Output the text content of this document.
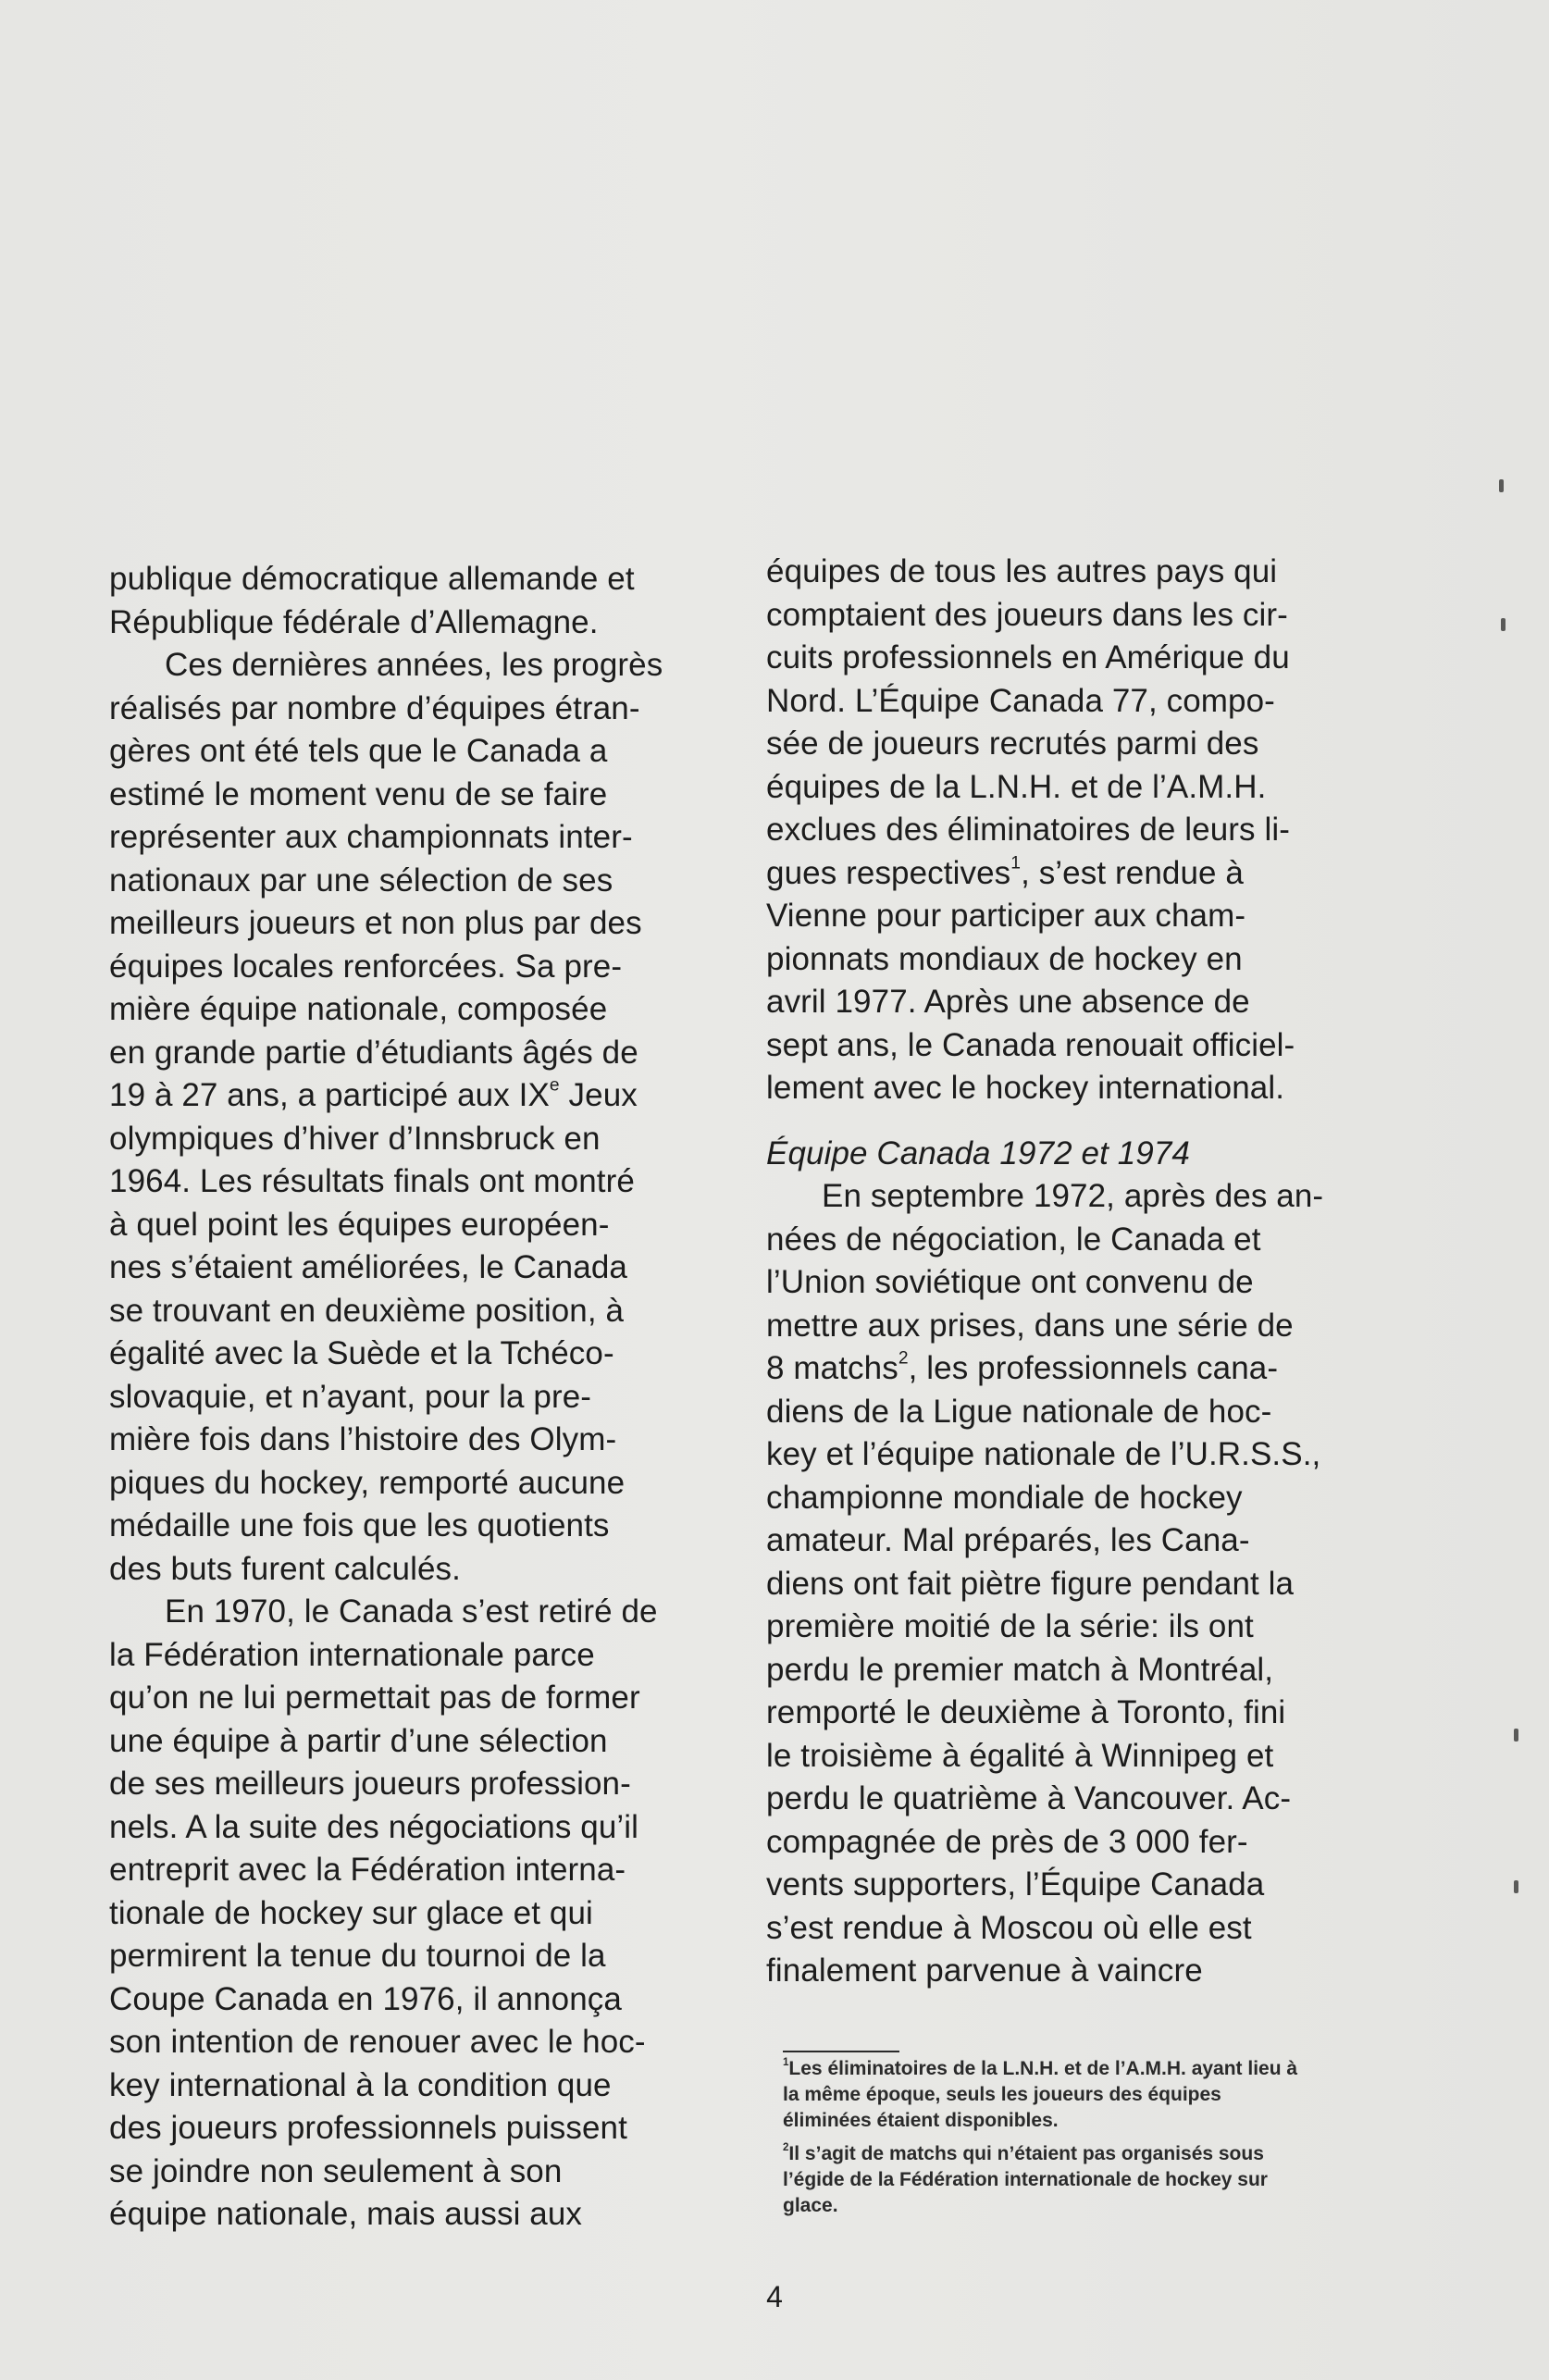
publique démocratique allemande et
République fédérale d’Allemagne.
Ces dernières années, les progrès
réalisés par nombre d’équipes étran-
gères ont été tels que le Canada a
estimé le moment venu de se faire
représenter aux championnats inter-
nationaux par une sélection de ses
meilleurs joueurs et non plus par des
équipes locales renforcées. Sa pre-
mière équipe nationale, composée
en grande partie d’étudiants âgés de
19 à 27 ans, a participé aux IXe Jeux
olympiques d’hiver d’Innsbruck en
1964. Les résultats finals ont montré
à quel point les équipes européen-
nes s’étaient améliorées, le Canada
se trouvant en deuxième position, à
égalité avec la Suède et la Tchéco-
slovaquie, et n’ayant, pour la pre-
mière fois dans l’histoire des Olym-
piques du hockey, remporté aucune
médaille une fois que les quotients
des buts furent calculés.
En 1970, le Canada s’est retiré de
la Fédération internationale parce
qu’on ne lui permettait pas de former
une équipe à partir d’une sélection
de ses meilleurs joueurs profession-
nels. A la suite des négociations qu’il
entreprit avec la Fédération interna-
tionale de hockey sur glace et qui
permirent la tenue du tournoi de la
Coupe Canada en 1976, il annonça
son intention de renouer avec le hoc-
key international à la condition que
des joueurs professionnels puissent
se joindre non seulement à son
équipe nationale, mais aussi aux
équipes de tous les autres pays qui
comptaient des joueurs dans les cir-
cuits professionnels en Amérique du
Nord. L’Équipe Canada 77, compo-
sée de joueurs recrutés parmi des
équipes de la L.N.H. et de l’A.M.H.
exclues des éliminatoires de leurs li-
gues respectives$^1$, s’est rendue à
Vienne pour participer aux cham-
pionnats mondiaux de hockey en
avril 1977. Après une absence de
sept ans, le Canada renouait officiel-
lement avec le hockey international.
Équipe Canada 1972 et 1974
En septembre 1972, après des an-
nées de négociation, le Canada et
l’Union soviétique ont convenu de
mettre aux prises, dans une série de
8 matchs$^2$, les professionnels cana-
diens de la Ligue nationale de hoc-
key et l’équipe nationale de l’U.R.S.S.,
championne mondiale de hockey
amateur. Mal préparés, les Cana-
diens ont fait piètre figure pendant la
première moitié de la série: ils ont
perdu le premier match à Montréal,
remporté le deuxième à Toronto, fini
le troisième à égalité à Winnipeg et
perdu le quatrième à Vancouver. Ac-
compagnée de près de 3 000 fer-
vents supporters, l’Équipe Canada
s’est rendue à Moscou où elle est
finalement parvenue à vaincre
$^1$Les éliminatoires de la L.N.H. et de l’A.M.H. ayant lieu à
la même époque, seuls les joueurs des équipes
éliminées étaient disponibles.
$^2$Il s’agit de matchs qui n’étaient pas organisés sous
l’égide de la Fédération internationale de hockey sur
glace.
4
